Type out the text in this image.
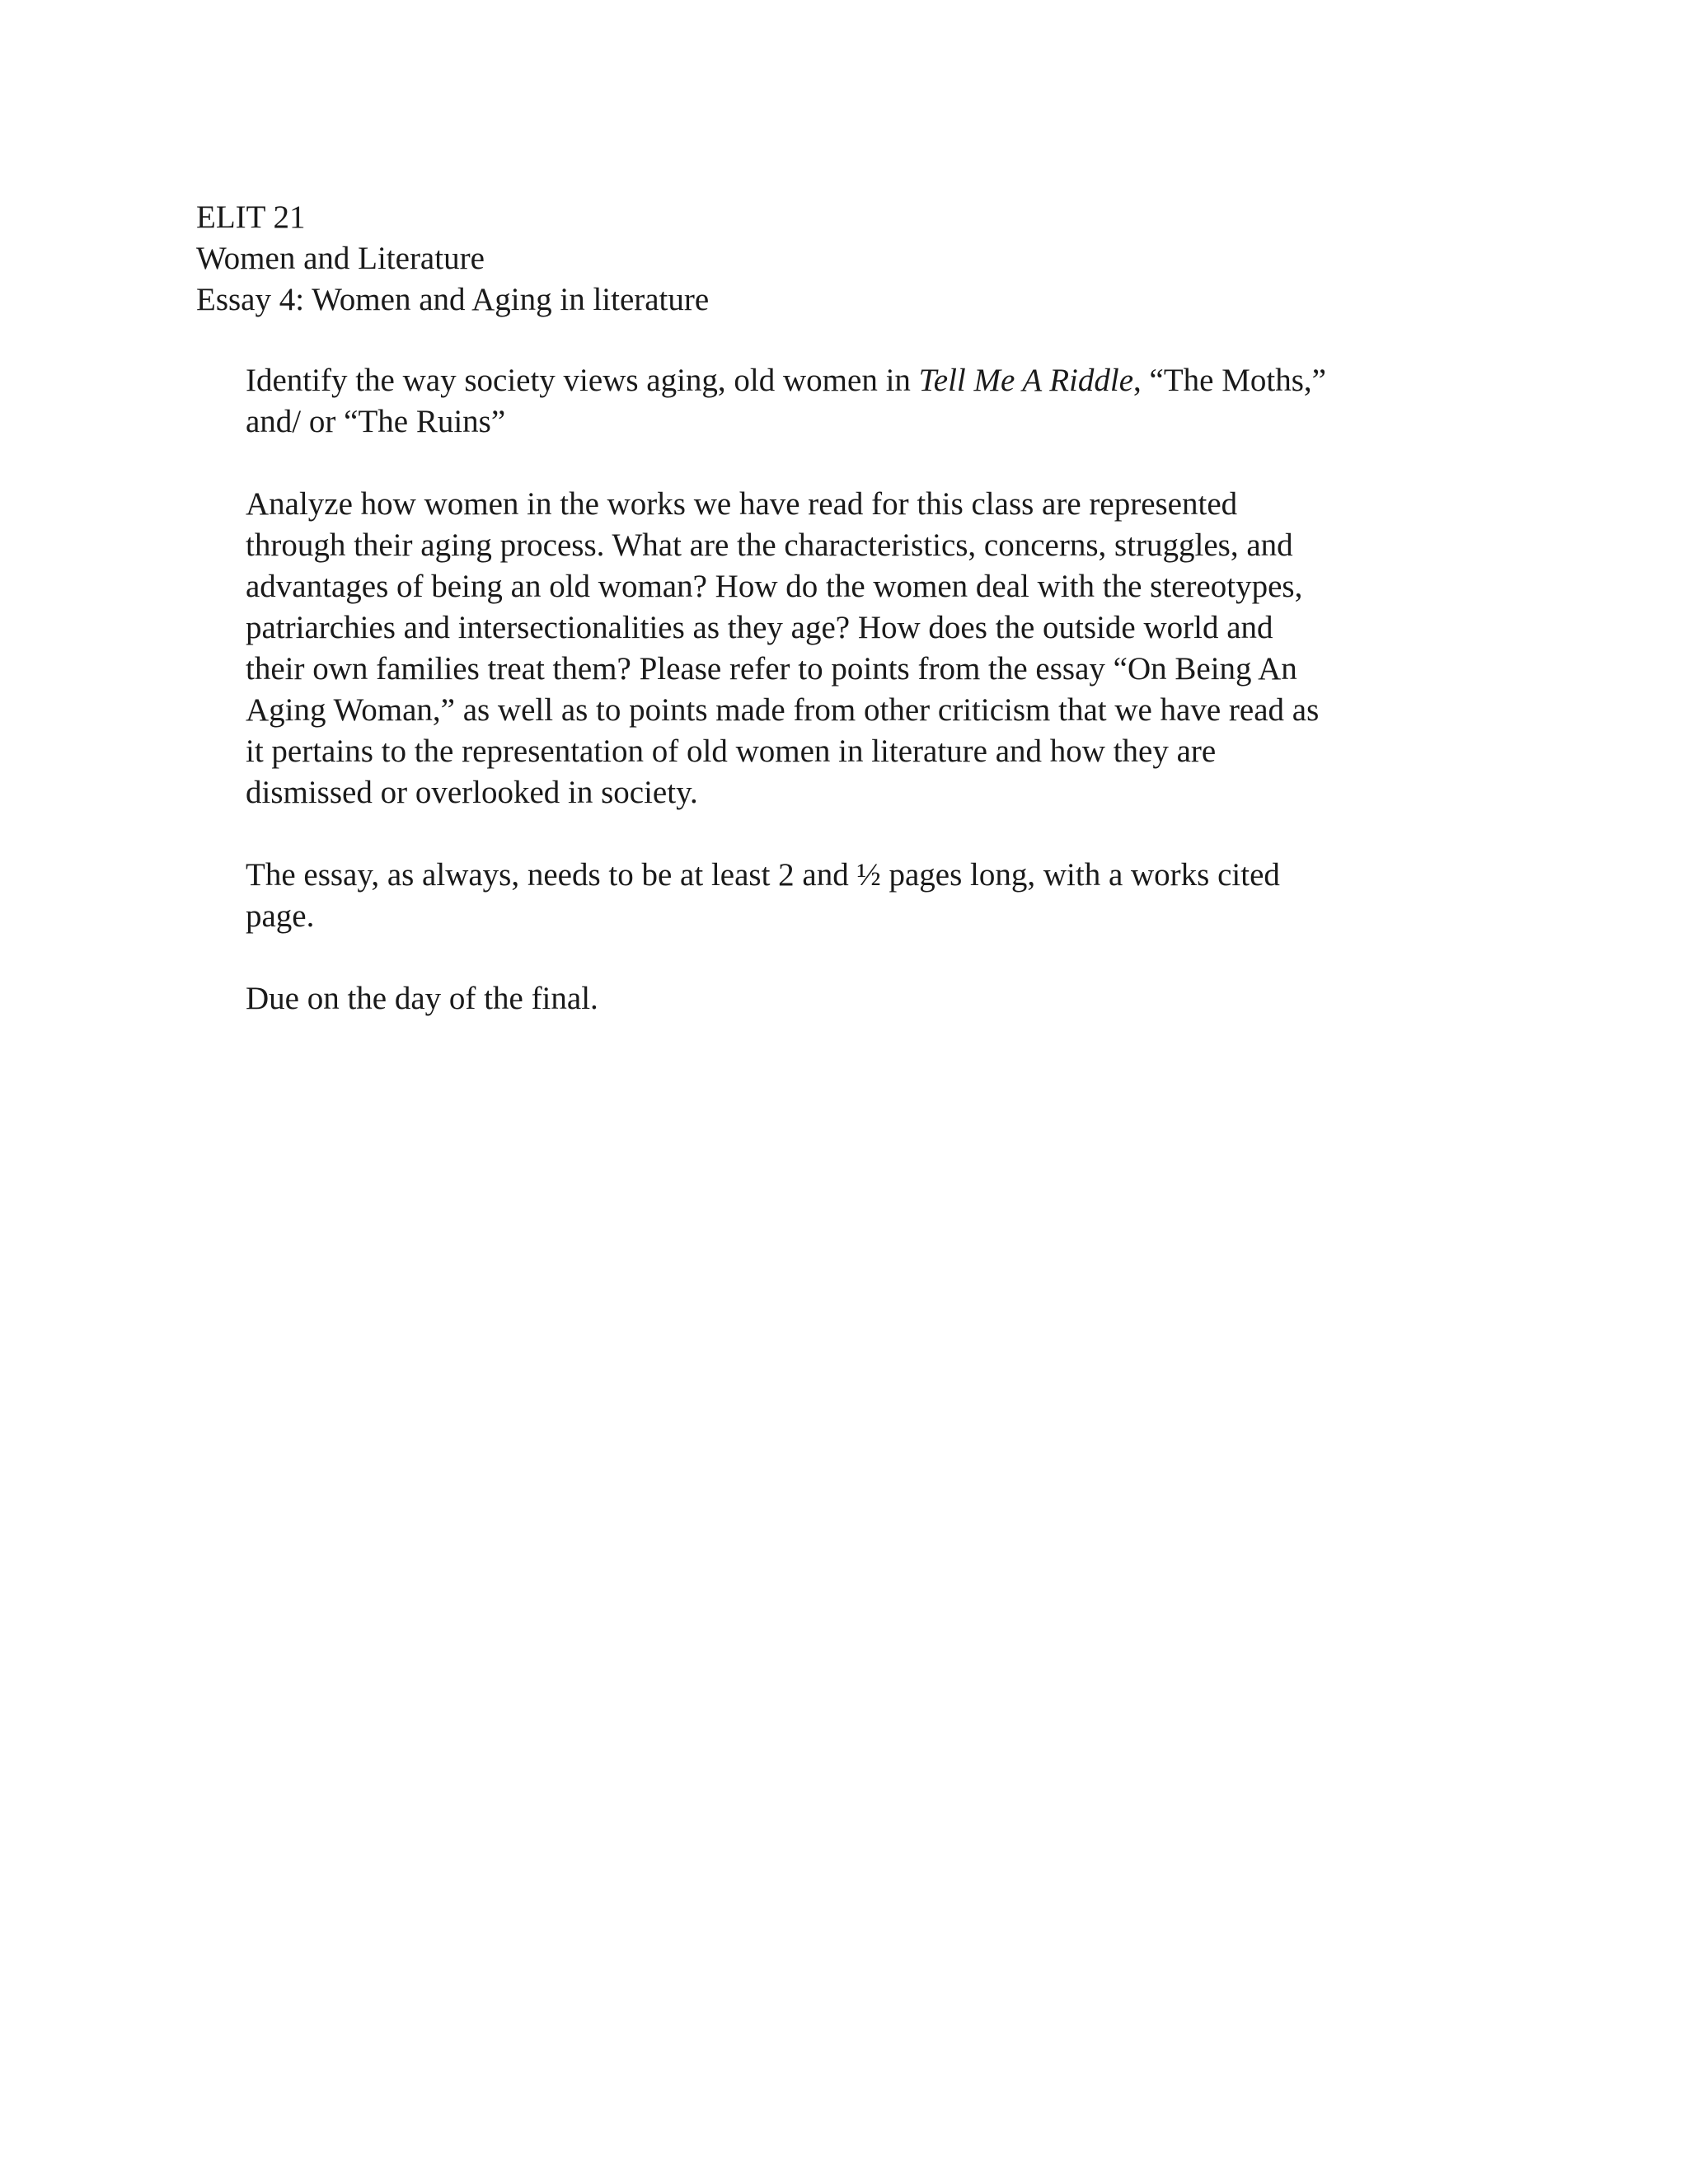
ELIT 21
Women and Literature
Essay 4: Women and Aging in literature

Identify the way society views aging, old women in Tell Me A Riddle, “The Moths,”
and/ or “The Ruins”

Analyze how women in the works we have read for this class are represented
through their aging process. What are the characteristics, concerns, struggles, and
advantages of being an old woman? How do the women deal with the stereotypes,
patriarchies and intersectionalities as they age? How does the outside world and
their own families treat them? Please refer to points from the essay “On Being An
Aging Woman,” as well as to points made from other criticism that we have read as
it pertains to the representation of old women in literature and how they are
dismissed or overlooked in society.

The essay, as always, needs to be at least 2 and ½ pages long, with a works cited
page.

Due on the day of the final.
